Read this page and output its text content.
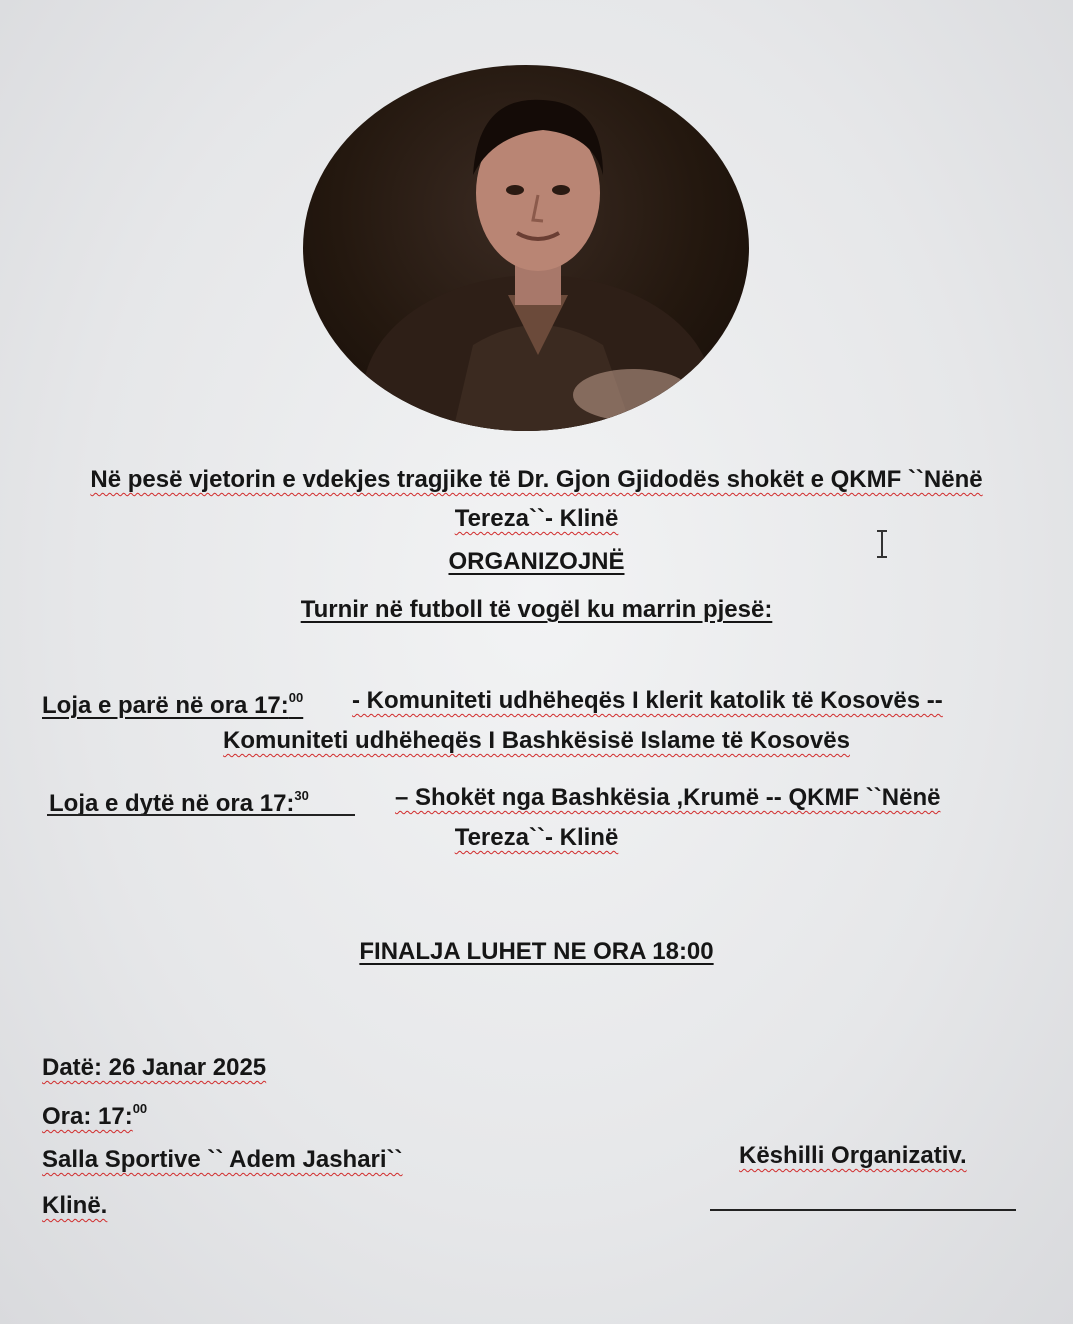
Në pesë vjetorin e vdekjes tragjike të Dr. Gjon Gjidodës shokët e QKMF ``Nënë
Tereza``- Klinë
ORGANIZOJNË
Turnir në futboll të vogël ku marrin pjesë:
Loja e parë në ora 17:$^{00}$ - Komuniteti udhëheqës I klerit katolik të Kosovës --
Komuniteti udhëheqës I Bashkësisë Islame të Kosovës
Loja e dytë në ora 17:$^{30}$	– Shokët nga Bashkësia ,Krumë -- QKMF ``Nënë
Tereza``- Klinë
FINALJA LUHET NE ORA 18:00
Datë: 26 Janar 2025
Ora: 17:$^{00}$
Salla Sportive `` Adem Jashari``
Klinë.
Këshilli Organizativ.
